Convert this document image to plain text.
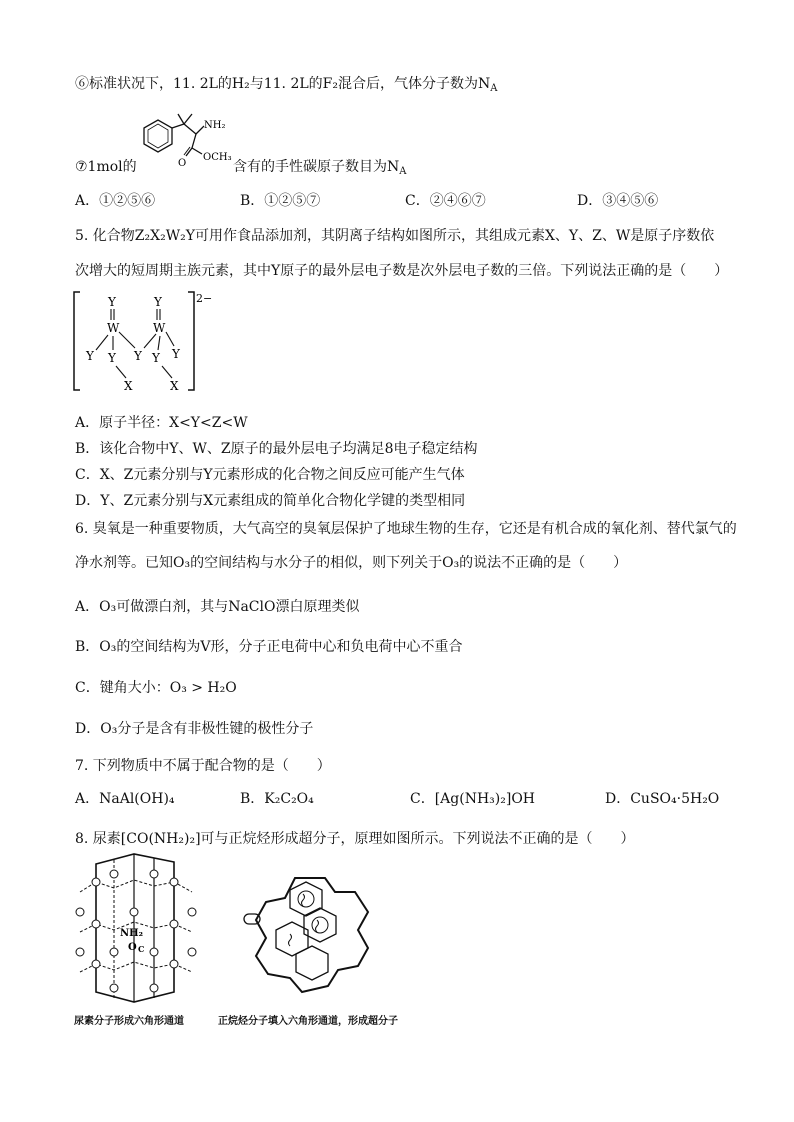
⑥标准状况下，11. 2L的H₂与11. 2L的F₂混合后，气体分子数为$N_A$
NH₂
O
OCH₃
⑦1mol的	含有的手性碳原子数目为$N_A$
A．①②⑤⑥	B．①②⑤⑦	C．②④⑥⑦	D．③④⑤⑥
5. 化合物Z₂X₂W₂Y可用作食品添加剂，其阴离子结构如图所示，其组成元素X、Y、Z、W是原子序数依
次增大的短周期主族元素，其中Y原子的最外层电子数是次外层电子数的三倍。下列说法正确的是（　　）
2−
Y
W
Y Y
X
Y
Y
W
Y Y
X
A．原子半径：X<Y<Z<W
B．该化合物中Y、W、Z原子的最外层电子均满足8电子稳定结构
C．X、Z元素分别与Y元素形成的化合物之间反应可能产生气体
D．Y、Z元素分别与X元素组成的简单化合物化学键的类型相同
6. 臭氧是一种重要物质，大气高空的臭氧层保护了地球生物的生存，它还是有机合成的氧化剂、替代氯气的
净水剂等。已知O₃的空间结构与水分子的相似，则下列关于O₃的说法不正确的是（　　）
A．O₃可做漂白剂，其与NaClO漂白原理类似
B．O₃的空间结构为V形，分子正电荷中心和负电荷中心不重合
C．键角大小：O₃ > H₂O
D．O₃分子是含有非极性键的极性分子
7. 下列物质中不属于配合物的是（　　）
A．NaAl(OH)₄	B．K₂C₂O₄	C．[Ag(NH₃)₂]OH	D．CuSO₄·5H₂O
8. 尿素[CO(NH₂)₂]可与正烷烃形成超分子，原理如图所示。下列说法不正确的是（　　）
NH₂
O C
尿素分子形成六角形通道	正烷烃分子填入六角形通道，形成超分子
